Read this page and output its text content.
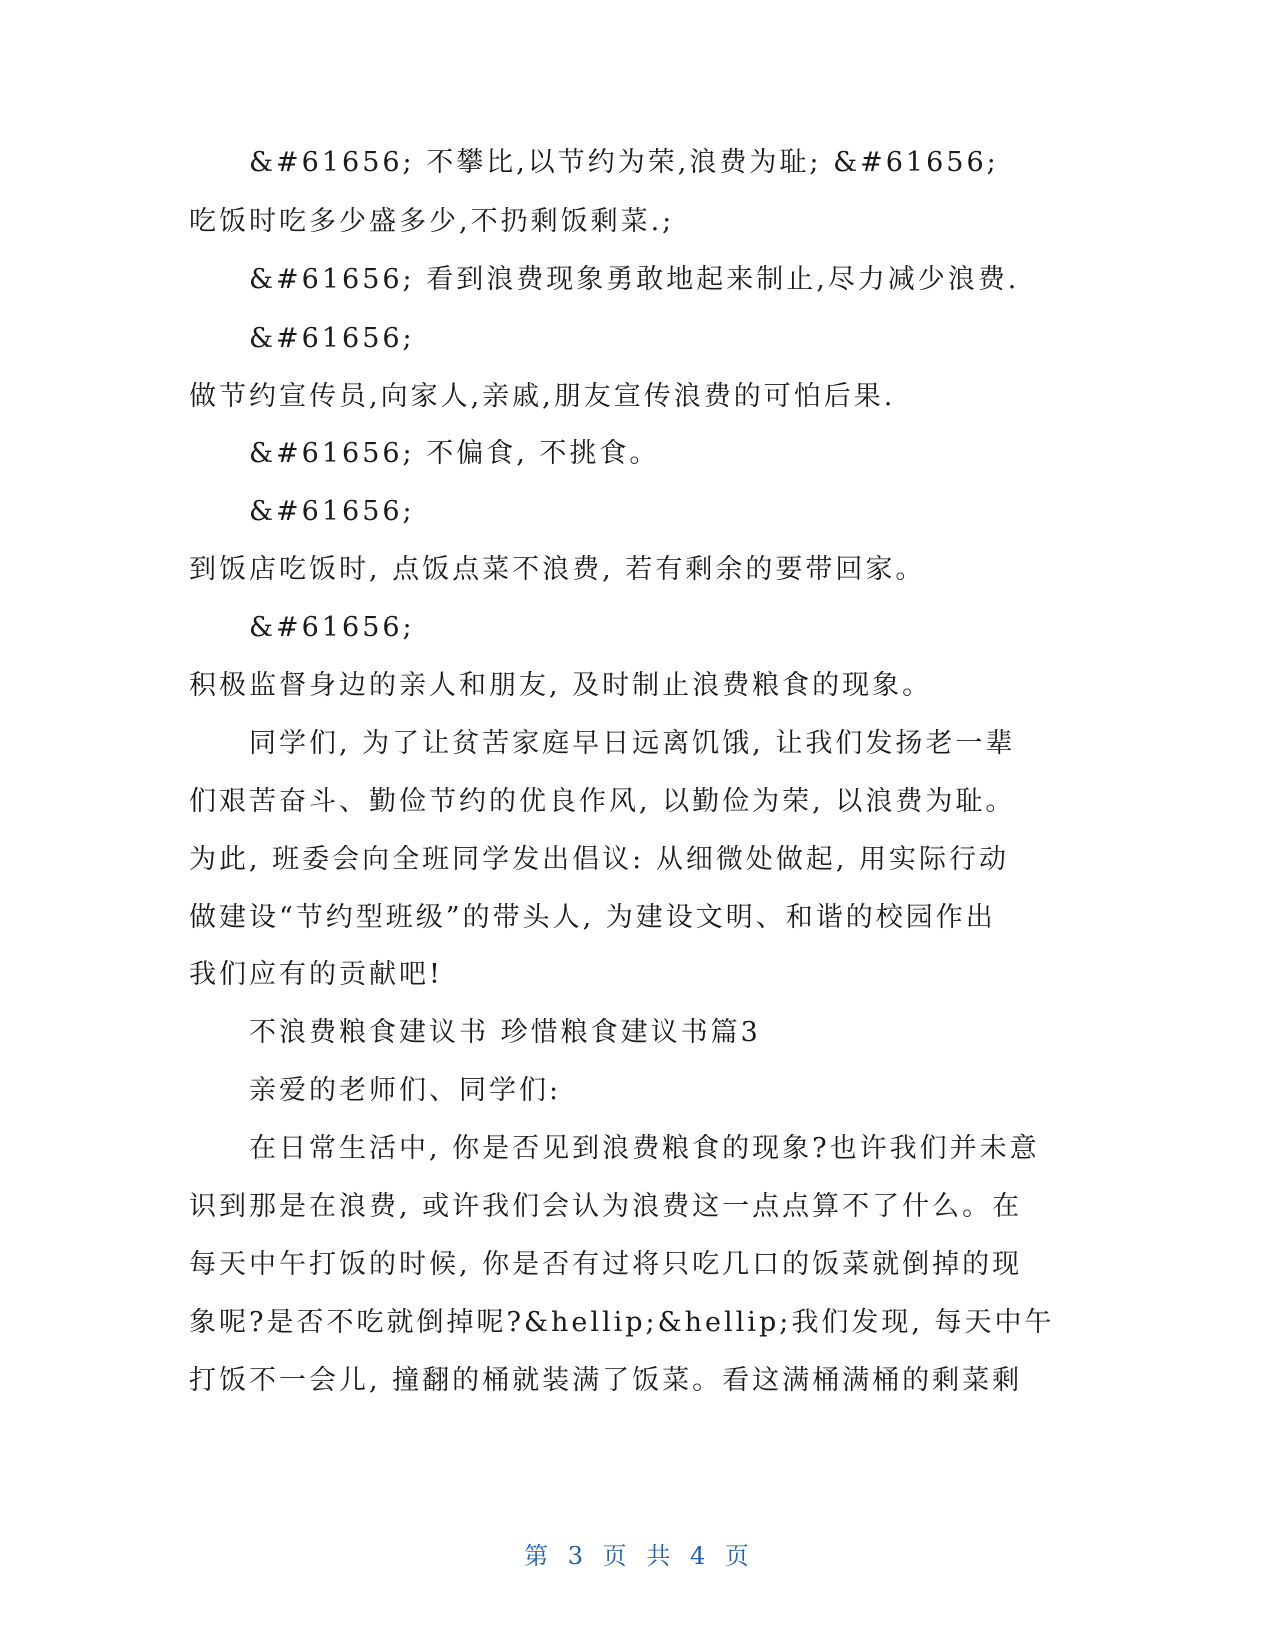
&#61656; 不攀比,以节约为荣,浪费为耻; &#61656;
吃饭时吃多少盛多少,不扔剩饭剩菜.;
&#61656; 看到浪费现象勇敢地起来制止,尽力减少浪费.
&#61656;
做节约宣传员,向家人,亲戚,朋友宣传浪费的可怕后果.
&#61656; 不偏食, 不挑食。
&#61656;
到饭店吃饭时, 点饭点菜不浪费, 若有剩余的要带回家。
&#61656;
积极监督身边的亲人和朋友, 及时制止浪费粮食的现象。
同学们, 为了让贫苦家庭早日远离饥饿, 让我们发扬老一辈
们艰苦奋斗、勤俭节约的优良作风, 以勤俭为荣, 以浪费为耻。
为此, 班委会向全班同学发出倡议: 从细微处做起, 用实际行动
做建设“节约型班级”的带头人, 为建设文明、和谐的校园作出
我们应有的贡献吧!
不浪费粮食建议书 珍惜粮食建议书篇3
亲爱的老师们、同学们:
在日常生活中, 你是否见到浪费粮食的现象?也许我们并未意
识到那是在浪费, 或许我们会认为浪费这一点点算不了什么。在
每天中午打饭的时候, 你是否有过将只吃几口的饭菜就倒掉的现
象呢?是否不吃就倒掉呢?&hellip;&hellip;我们发现, 每天中午
打饭不一会儿, 撞翻的桶就装满了饭菜。看这满桶满桶的剩菜剩
第 3 页 共 4 页
